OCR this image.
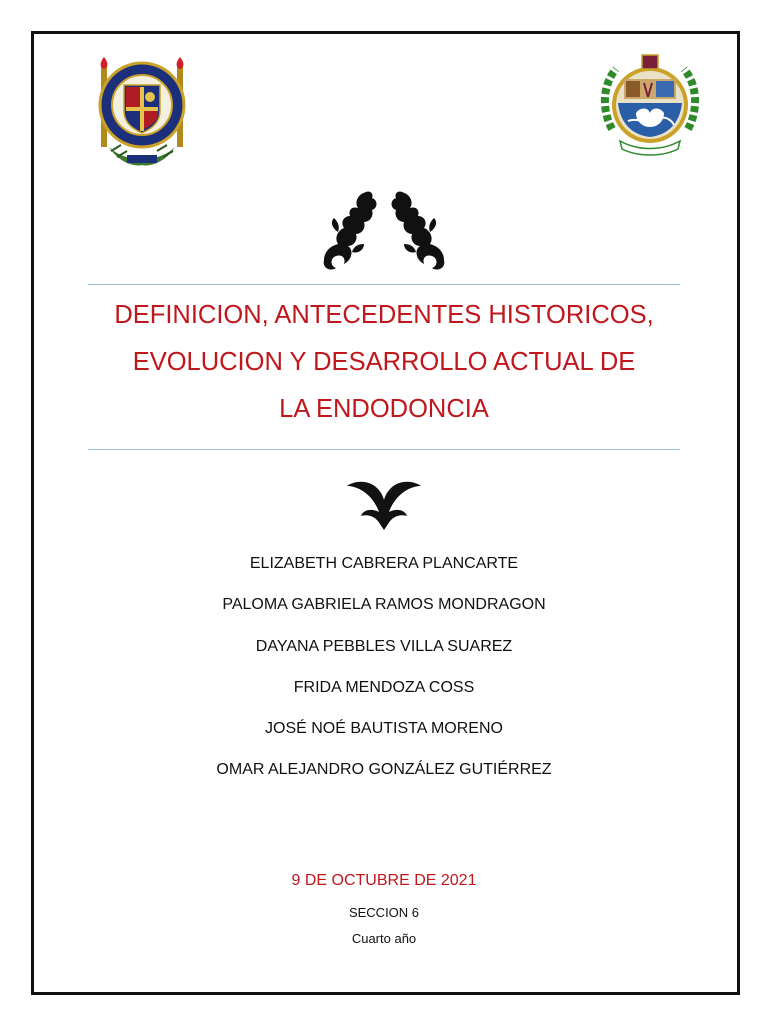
DEFINICION, ANTECEDENTES HISTORICOS,
EVOLUCION Y DESARROLLO ACTUAL DE
LA ENDODONCIA
ELIZABETH CABRERA PLANCARTE
PALOMA GABRIELA RAMOS MONDRAGON
DAYANA PEBBLES VILLA SUAREZ
FRIDA MENDOZA COSS
JOSÉ NOÉ BAUTISTA MORENO
OMAR ALEJANDRO GONZÁLEZ GUTIÉRREZ
9 DE OCTUBRE DE 2021
SECCION 6
Cuarto año
